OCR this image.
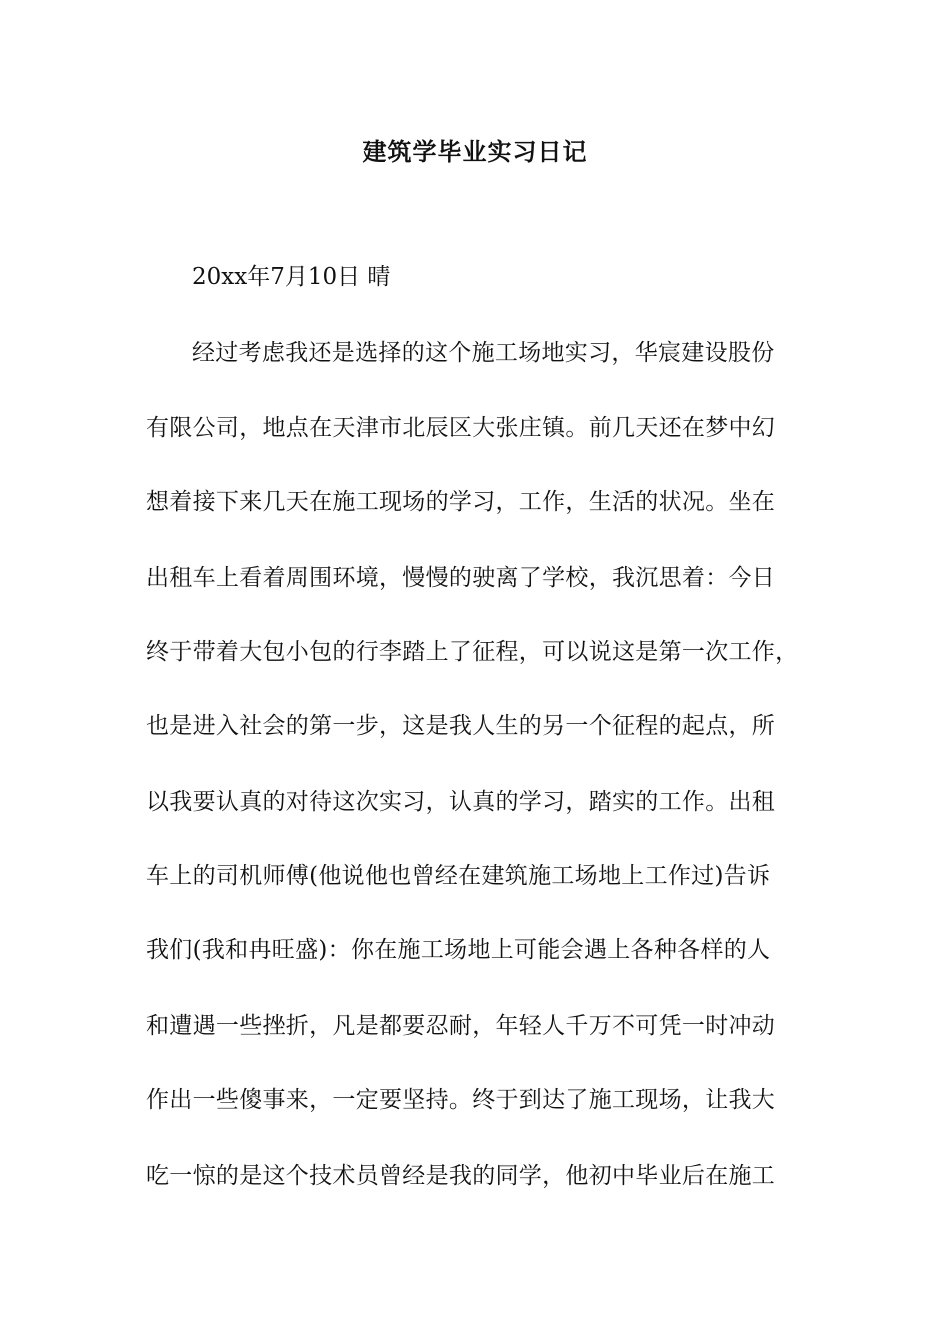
建筑学毕业实习日记
20xx年7月10日 晴
经过考虑我还是选择的这个施工场地实习，华宸建设股份
有限公司，地点在天津市北辰区大张庄镇。前几天还在梦中幻
想着接下来几天在施工现场的学习，工作，生活的状况。坐在
出租车上看着周围环境，慢慢的驶离了学校，我沉思着：今日
终于带着大包小包的行李踏上了征程，可以说这是第一次工作，
也是进入社会的第一步，这是我人生的另一个征程的起点，所
以我要认真的对待这次实习，认真的学习，踏实的工作。出租
车上的司机师傅(他说他也曾经在建筑施工场地上工作过)告诉
我们(我和冉旺盛)：你在施工场地上可能会遇上各种各样的人
和遭遇一些挫折，凡是都要忍耐，年轻人千万不可凭一时冲动
作出一些傻事来，一定要坚持。终于到达了施工现场，让我大
吃一惊的是这个技术员曾经是我的同学，他初中毕业后在施工
